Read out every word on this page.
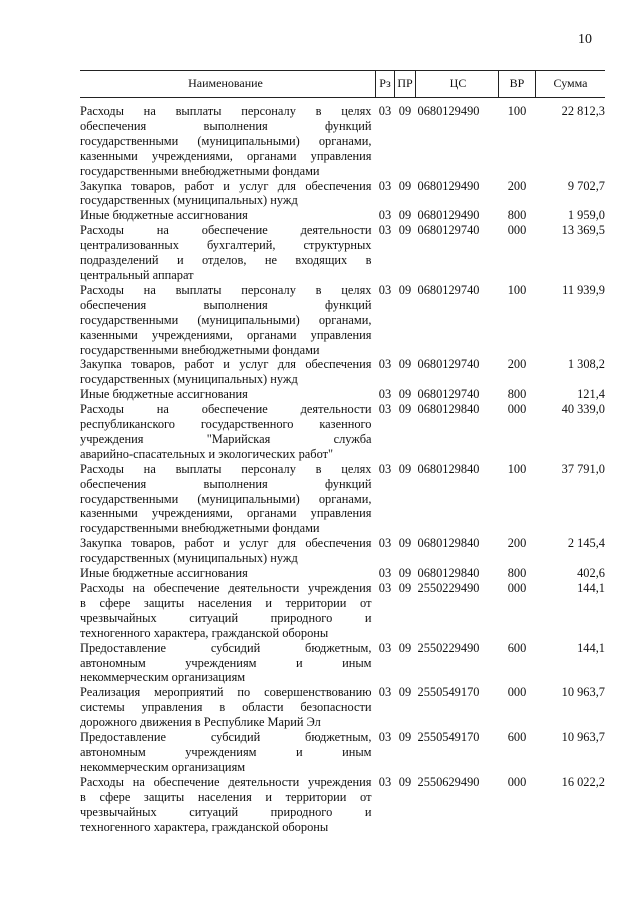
10
Наименование	Рз	ПР	ЦС	ВР	Сумма

Расходы на выплаты персоналу в целях
обеспечения выполнения функций
государственными (муниципальными) органами,
казенными учреждениями, органами управления
государственными внебюджетными фондами	03	09	0680129490	100	22 812,3

Закупка товаров, работ и услуг для обеспечения
государственных (муниципальных) нужд	03	09	0680129490	200	9 702,7

Иные бюджетные ассигнования	03	09	0680129490	800	1 959,0

Расходы на обеспечение деятельности
централизованных бухгалтерий, структурных
подразделений и отделов, не входящих в
центральный аппарат	03	09	0680129740	000	13 369,5

Расходы на выплаты персоналу в целях
обеспечения выполнения функций
государственными (муниципальными) органами,
казенными учреждениями, органами управления
государственными внебюджетными фондами	03	09	0680129740	100	11 939,9

Закупка товаров, работ и услуг для обеспечения
государственных (муниципальных) нужд	03	09	0680129740	200	1 308,2

Иные бюджетные ассигнования	03	09	0680129740	800	121,4

Расходы на обеспечение деятельности
республиканского государственного казенного
учреждения "Марийская служба
аварийно-спасательных и экологических работ"	03	09	0680129840	000	40 339,0

Расходы на выплаты персоналу в целях
обеспечения выполнения функций
государственными (муниципальными) органами,
казенными учреждениями, органами управления
государственными внебюджетными фондами	03	09	0680129840	100	37 791,0

Закупка товаров, работ и услуг для обеспечения
государственных (муниципальных) нужд	03	09	0680129840	200	2 145,4

Иные бюджетные ассигнования	03	09	0680129840	800	402,6

Расходы на обеспечение деятельности учреждения
в сфере защиты населения и территории от
чрезвычайных ситуаций природного и
техногенного характера, гражданской обороны	03	09	2550229490	000	144,1

Предоставление субсидий бюджетным,
автономным учреждениям и иным
некоммерческим организациям	03	09	2550229490	600	144,1

Реализация мероприятий по совершенствованию
системы управления в области безопасности
дорожного движения в Республике Марий Эл	03	09	2550549170	000	10 963,7

Предоставление субсидий бюджетным,
автономным учреждениям и иным
некоммерческим организациям	03	09	2550549170	600	10 963,7

Расходы на обеспечение деятельности учреждения
в сфере защиты населения и территории от
чрезвычайных ситуаций природного и
техногенного характера, гражданской обороны	03	09	2550629490	000	16 022,2
